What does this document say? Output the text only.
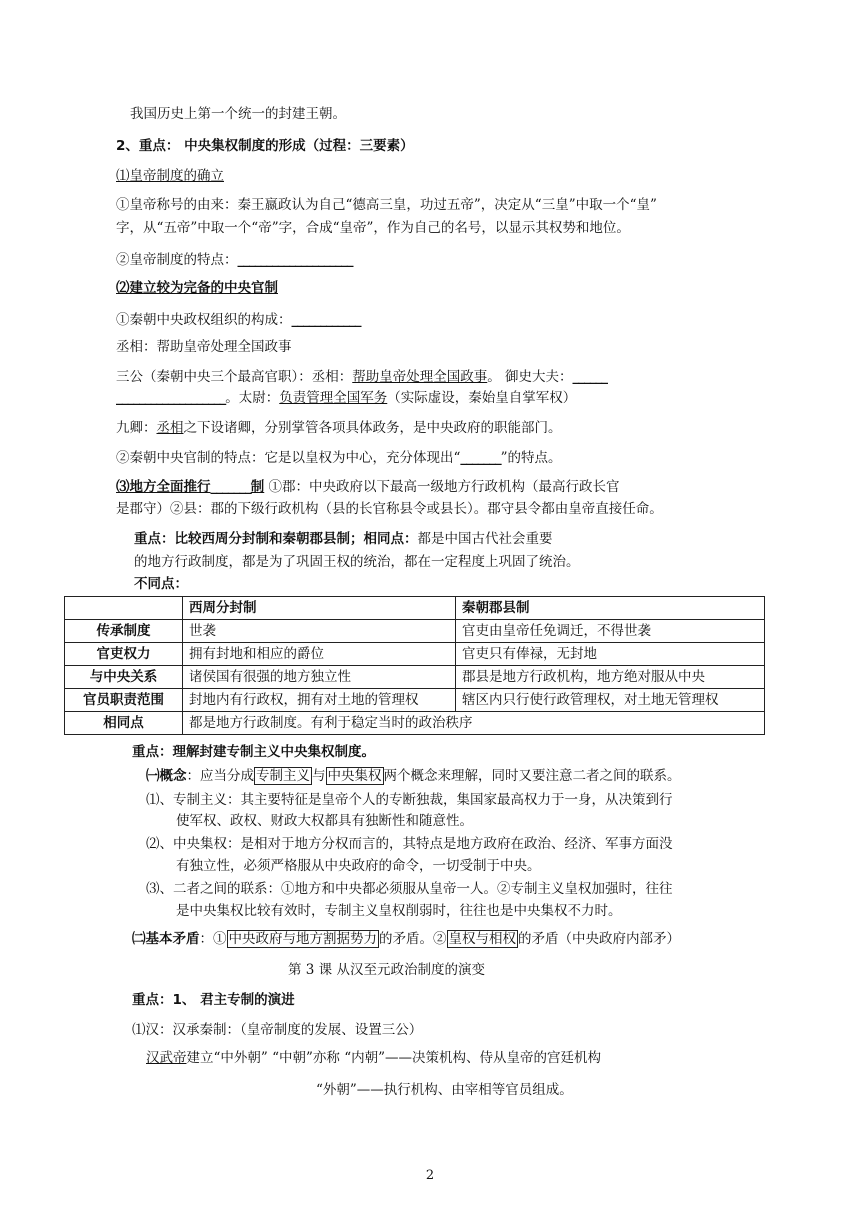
我国历史上第一个统一的封建王朝。
2、重点： 中央集权制度的形成（过程：三要素）
⑴皇帝制度的确立
①皇帝称号的由来：秦王嬴政认为自己“德高三皇，功过五帝”，决定从“三皇”中取一个“皇”
字，从“五帝”中取一个“帝”字，合成“皇帝”，作为自己的名号，以显示其权势和地位。
②皇帝制度的特点：____________________
⑵建立较为完备的中央官制
①秦朝中央政权组织的构成：____________
丞相：帮助皇帝处理全国政事
三公（秦朝中央三个最高官职）：丞相：帮助皇帝处理全国政事。 御史大夫：______
___________________。太尉：负责管理全国军务（实际虚设，秦始皇自掌军权）
九卿：丞相之下设诸卿，分别掌管各项具体政务，是中央政府的职能部门。
②秦朝中央官制的特点：它是以皇权为中心，充分体现出“_______”的特点。
⑶地方全面推行_______制 ①郡：中央政府以下最高一级地方行政机构（最高行政长官
是郡守）②县：郡的下级行政机构（县的长官称县令或县长）。郡守县令都由皇帝直接任命。
重点：比较西周分封制和秦朝郡县制；相同点：都是中国古代社会重要
的地方行政制度，都是为了巩固王权的统治，都在一定程度上巩固了统治。
不同点：
	西周分封制	秦朝郡县制
传承制度	世袭	官吏由皇帝任免调迁，不得世袭
官吏权力	拥有封地和相应的爵位	官吏只有俸禄，无封地
与中央关系	诸侯国有很强的地方独立性	郡县是地方行政机构，地方绝对服从中央
官员职责范围	封地内有行政权，拥有对土地的管理权	辖区内只行使行政管理权，对土地无管理权
相同点	都是地方行政制度。有利于稳定当时的政治秩序	
重点：理解封建专制主义中央集权制度。
㈠概念：应当分成 专制主义 与 中央集权 两个概念来理解，同时又要注意二者之间的联系。
⑴、专制主义：其主要特征是皇帝个人的专断独裁，集国家最高权力于一身，从决策到行
使军权、政权、财政大权都具有独断性和随意性。
⑵、中央集权：是相对于地方分权而言的，其特点是地方政府在政治、经济、军事方面没
有独立性，必须严格服从中央政府的命令，一切受制于中央。
⑶、二者之间的联系：①地方和中央都必须服从皇帝一人。②专制主义皇权加强时，往往
是中央集权比较有效时，专制主义皇权削弱时，往往也是中央集权不力时。
㈡基本矛盾：① 中央政府与地方割据势力 的矛盾。② 皇权与相权 的矛盾（中央政府内部矛）
第 3 课 从汉至元政治制度的演变
重点：1、 君主专制的演进
⑴汉：汉承秦制：（皇帝制度的发展、设置三公）
汉武帝建立“中外朝” “中朝”亦称 “内朝”——决策机构、侍从皇帝的宫廷机构
“外朝”——执行机构、由宰相等官员组成。
2
